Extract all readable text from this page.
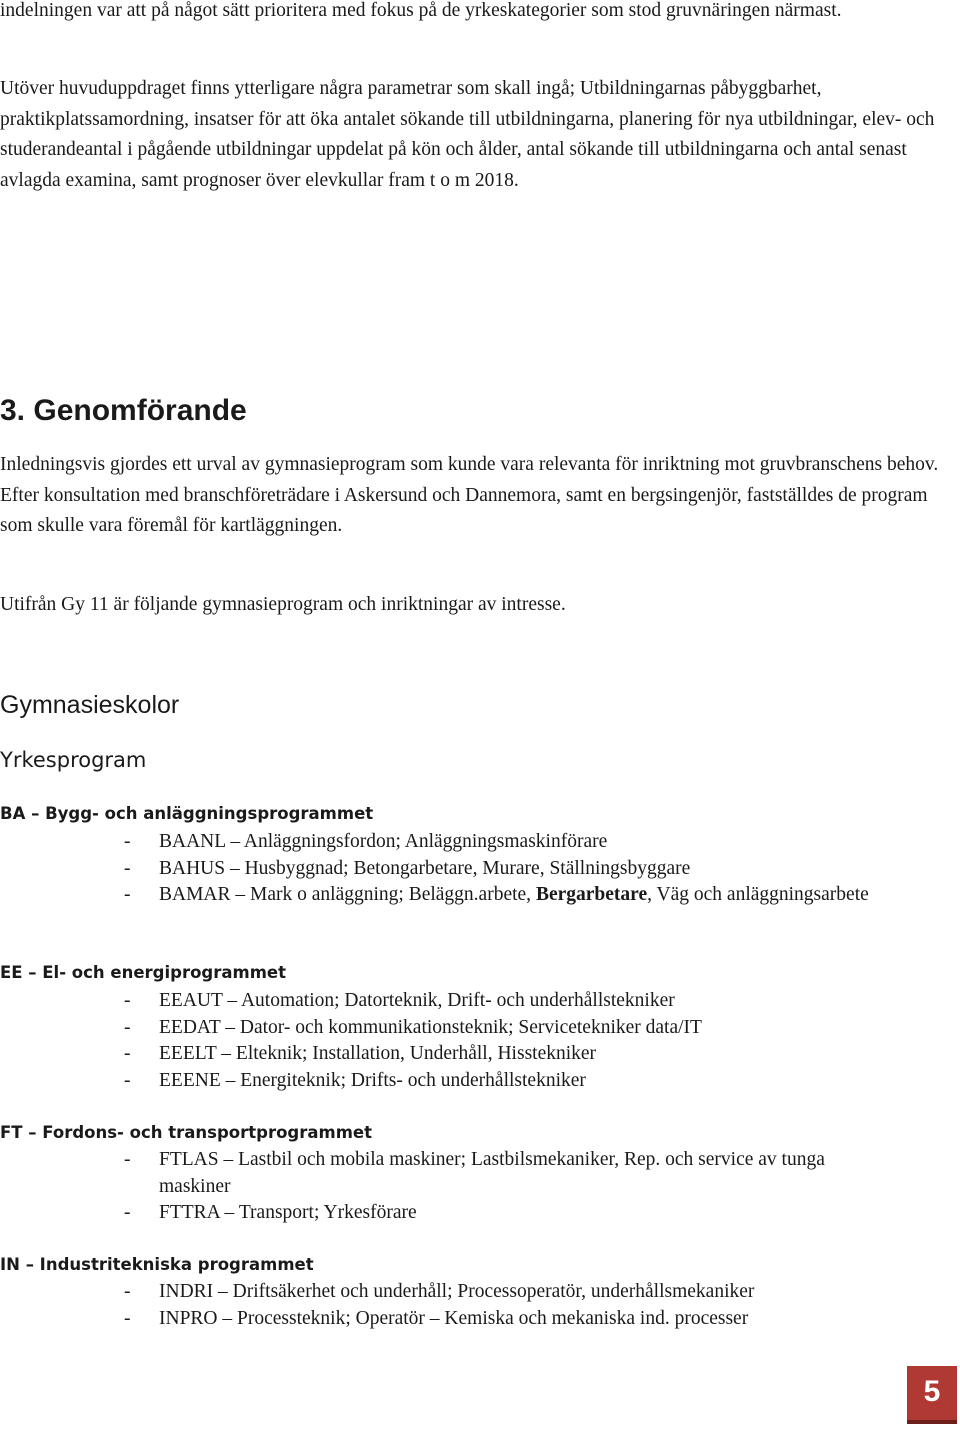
indelningen var att på något sätt prioritera med fokus på de yrkeskategorier som stod gruvnäringen närmast.

Utöver huvuduppdraget finns ytterligare några parametrar som skall ingå; Utbildningarnas påbyggbarhet, praktikplatssamordning, insatser för att öka antalet sökande till utbildningarna, planering för nya utbildningar, elev- och studerandeantal i pågående utbildningar uppdelat på kön och ålder, antal sökande till utbildningarna och antal senast avlagda examina, samt prognoser över elevkullar fram t o m 2018.

3. Genomförande

Inledningsvis gjordes ett urval av gymnasieprogram som kunde vara relevanta för inriktning mot gruvbranschens behov. Efter konsultation med branschföreträdare i Askersund och Dannemora, samt en bergsingenjör, fastställdes de program som skulle vara föremål för kartläggningen.

Utifrån Gy 11 är följande gymnasieprogram och inriktningar av intresse.

Gymnasieskolor
Yrkesprogram
BA – Bygg- och anläggningsprogrammet
- BAANL – Anläggningsfordon; Anläggningsmaskinförare
- BAHUS – Husbyggnad; Betongarbetare, Murare, Ställningsbyggare
- BAMAR – Mark o anläggning; Beläggn.arbete, Bergarbetare, Väg och anläggningsarbete
EE – El- och energiprogrammet
- EEAUT – Automation; Datorteknik, Drift- och underhållstekniker
- EEDAT – Dator- och kommunikationsteknik; Servicetekniker data/IT
- EEELT – Elteknik; Installation, Underhåll, Hisstekniker
- EEENE – Energiteknik; Drifts- och underhållstekniker
FT – Fordons- och transportprogrammet
- FTLAS – Lastbil och mobila maskiner; Lastbilsmekaniker, Rep. och service av tunga maskiner
- FTTRA – Transport; Yrkesförare
IN – Industritekniska programmet
- INDRI – Driftsäkerhet och underhåll; Processoperatör, underhållsmekaniker
- INPRO – Processteknik; Operatör – Kemiska och mekaniska ind. processer
5
